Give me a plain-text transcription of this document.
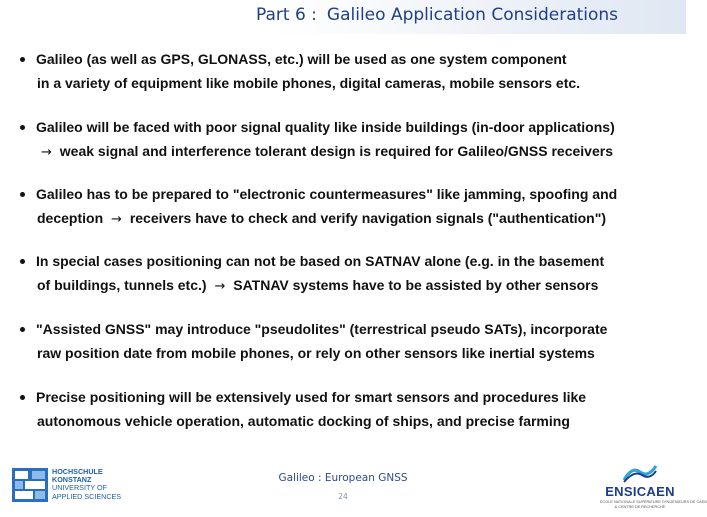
Part 6 : Galileo Application Considerations
Galileo (as well as GPS, GLONASS, etc.) will be used as one system component
in a variety of equipment like mobile phones, digital cameras, mobile sensors etc.
Galileo will be faced with poor signal quality like inside buildings (in-door applications)
→ weak signal and interference tolerant design is required for Galileo/GNSS receivers
Galileo has to be prepared to "electronic countermeasures" like jamming, spoofing and
deception → receivers have to check and verify navigation signals ("authentication")
In special cases positioning can not be based on SATNAV alone (e.g. in the basement
of buildings, tunnels etc.) → SATNAV systems have to be assisted by other sensors
"Assisted GNSS" may introduce "pseudolites" (terrestrical pseudo SATs), incorporate
raw position date from mobile phones, or rely on other sensors like inertial systems
Precise positioning will be extensively used for smart sensors and procedures like
autonomous vehicle operation, automatic docking of ships, and precise farming
Galileo : European GNSS
24
HOCHSCHULE
KONSTANZ
UNIVERSITY OF
APPLIED SCIENCES	ENSICAEN
ÉCOLE NATIONALE SUPÉRIEURE D'INGÉNIEURS DE CAEN
& CENTRE DE RECHERCHE
